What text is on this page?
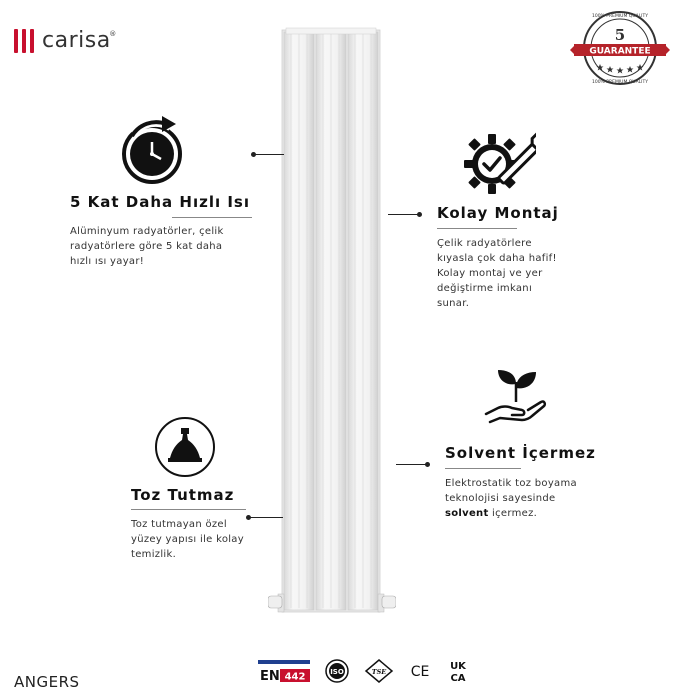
carisa
®
100% PREMIUM QUALITY
100% PREMIUM QUALITY
5
GUARANTEE
5 Kat Daha Hızlı Isı
Alüminyum radyatörler, çelik
radyatörlere göre 5 kat daha
hızlı ısı yayar!
Kolay Montaj
Çelik radyatörlere
kıyasla çok daha hafif!
Kolay montaj ve yer
değiştirme imkanı
sunar.
Solvent İçermez
Elektrostatik toz boyama
teknolojisi sayesinde
solvent içermez.
Toz Tutmaz
Toz tutmayan özel
yüzey yapısı ile kolay
temizlik.
ANGERS	EN 442	ISO	TSE CE UK
CA
